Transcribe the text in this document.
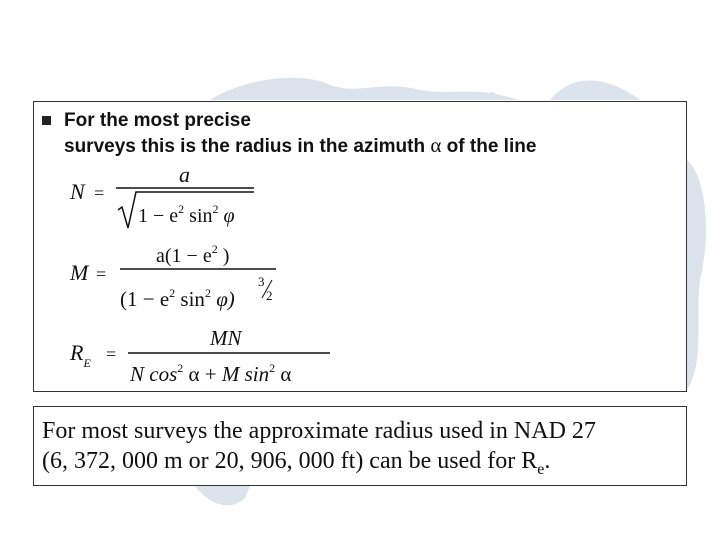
For the most precise
surveys this is the radius in the azimuth α of the line
N =
a
$1 - e^2$ $\sin^2 \varphi$
M =
$a(1 - e^2$ )
($1 - e^2$ $\sin^2 \varphi$)
3
2
$R_E$ =
MN
N $\cos^2 \alpha + M$ $\sin^2 \alpha$
For most surveys the approximate radius used in NAD 27
(6, 372, 000 m or 20, 906, 000 ft) can be used for $R_e$.
